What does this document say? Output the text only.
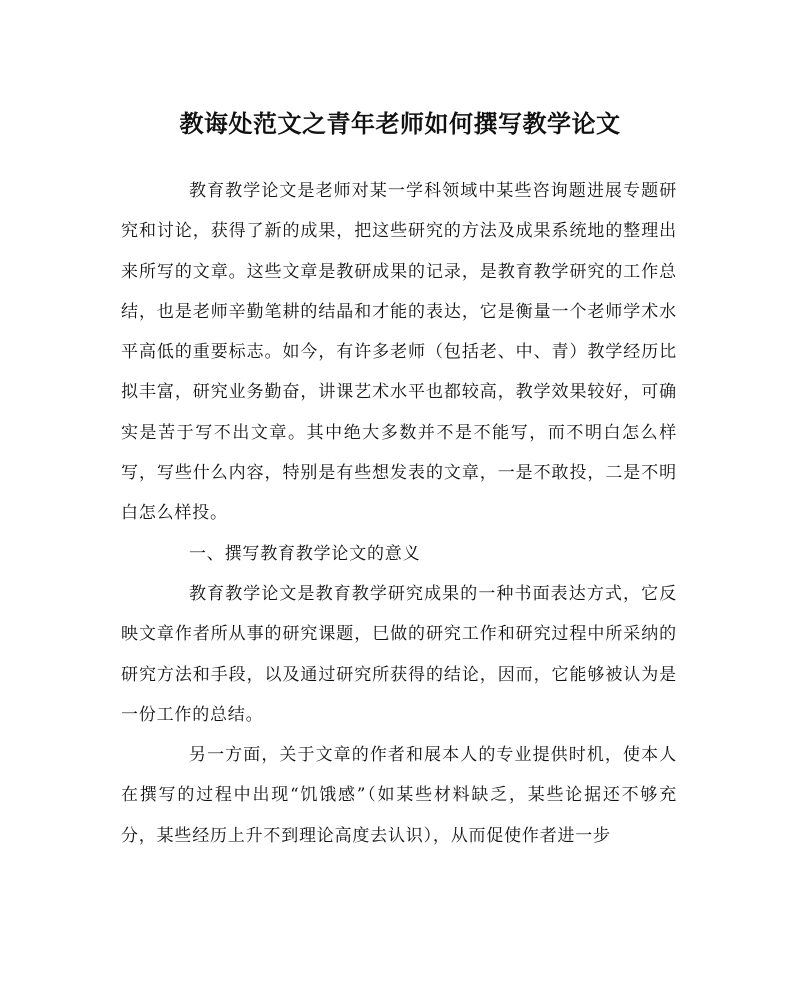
教诲处范文之青年老师如何撰写教学论文

教育教学论文是老师对某一学科领域中某些咨询题进展专题研究和讨论，获得了新的成果，把这些研究的方法及成果系统地的整理出来所写的文章。这些文章是教研成果的记录，是教育教学研究的工作总结，也是老师辛勤笔耕的结晶和才能的表达，它是衡量一个老师学术水平高低的重要标志。如今，有许多老师（包括老、中、青）教学经历比拟丰富，研究业务勤奋，讲课艺术水平也都较高，教学效果较好，可确实是苦于写不出文章。其中绝大多数并不是不能写，而不明白怎么样写，写些什么内容，特别是有些想发表的文章，一是不敢投，二是不明白怎么样投。

一、撰写教育教学论文的意义

教育教学论文是教育教学研究成果的一种书面表达方式，它反映文章作者所从事的研究课题，巳做的研究工作和研究过程中所采纳的研究方法和手段，以及通过研究所获得的结论，因而，它能够被认为是一份工作的总结。

另一方面，关于文章的作者和展本人的专业提供时机，使本人在撰写的过程中出现“饥饿感”（如某些材料缺乏，某些论据还不够充分，某些经历上升不到理论高度去认识），从而促使作者进一步
